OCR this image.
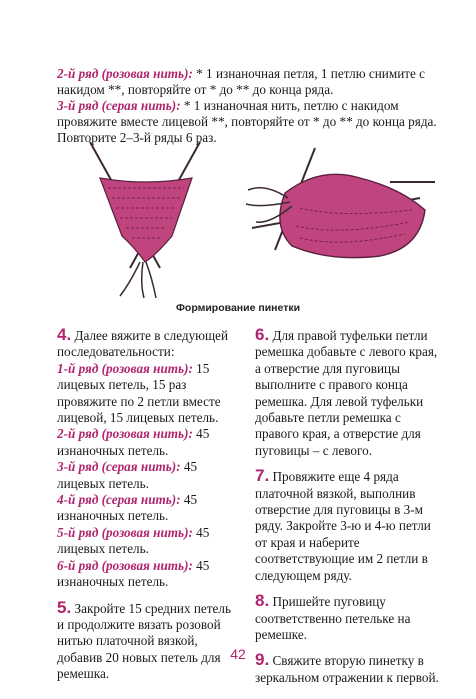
2-й ряд (розовая нить): * 1 изнаночная петля, 1 петлю снимите с накидом **, повторяйте от * до ** до конца ряда.

3-й ряд (серая нить): * 1 изнаночная нить, петлю с накидом провяжите вместе лицевой **, повторяйте от * до ** до конца ряда.

Повторите 2–3-й ряды 6 раз.

Формирование пинетки

4. Далее вяжите в следующей последовательности:

1-й ряд (розовая нить): 15 лицевых петель, 15 раз провяжите по 2 петли вместе лицевой, 15 лицевых петель.

2-й ряд (розовая нить): 45 изнаночных петель.

3-й ряд (серая нить): 45 лицевых петель.

4-й ряд (серая нить): 45 изнаночных петель.

5-й ряд (розовая нить): 45 лицевых петель.

6-й ряд (розовая нить): 45 изнаночных петель.

5. Закройте 15 средних петель и продолжите вязать розовой нитью платочной вязкой, добавив 20 новых петель для ремешка.

6. Для правой туфельки петли ремешка добавьте с левого края, а отверстие для пуговицы выполните с правого конца ремешка. Для левой туфельки добавьте петли ремешка с правого края, а отверстие для пуговицы – с левого.

7. Провяжите еще 4 ряда платочной вязкой, выполнив отверстие для пуговицы в 3-м ряду. Закройте 3-ю и 4-ю петли от края и наберите соответствующие им 2 петли в следующем ряду.

8. Пришейте пуговицу соответственно петельке на ремешке.

9. Свяжите вторую пинетку в зеркальном отражении к первой.

42
